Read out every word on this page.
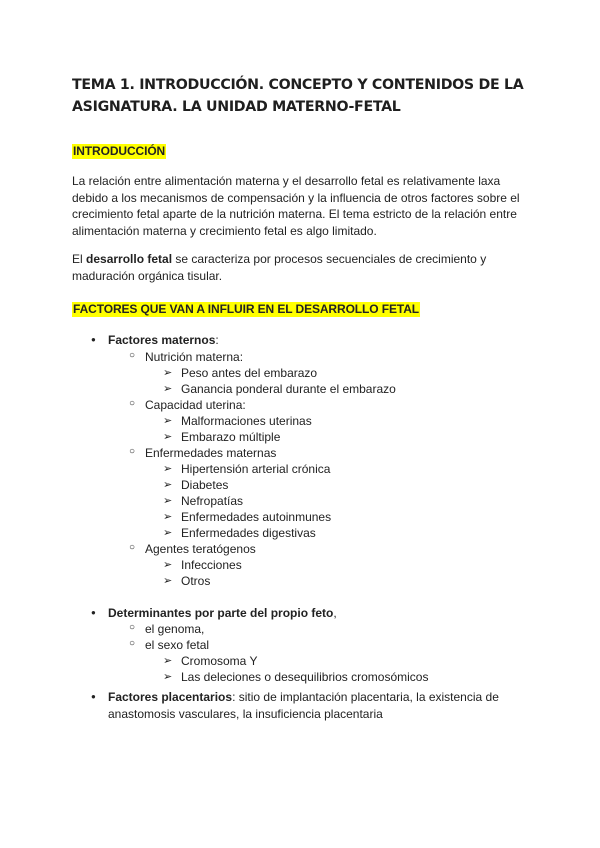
TEMA 1. INTRODUCCIÓN. CONCEPTO Y CONTENIDOS DE LA
ASIGNATURA. LA UNIDAD MATERNO-FETAL
INTRODUCCIÓN

La relación entre alimentación materna y el desarrollo fetal es relativamente laxa debido a los mecanismos de compensación y la influencia de otros factores sobre el crecimiento fetal aparte de la nutrición materna. El tema estricto de la relación entre alimentación materna y crecimiento fetal es algo limitado.

El desarrollo fetal se caracteriza por procesos secuenciales de crecimiento y maduración orgánica tisular.

FACTORES QUE VAN A INFLUIR EN EL DESARROLLO FETAL
●	Factores maternos:
○ Nutrición materna:
➢ Peso antes del embarazo
➢ Ganancia ponderal durante el embarazo
○ Capacidad uterina:
➢ Malformaciones uterinas
➢ Embarazo múltiple
○ Enfermedades maternas
➢ Hipertensión arterial crónica
➢ Diabetes
➢ Nefropatías
➢ Enfermedades autoinmunes
➢ Enfermedades digestivas
○ Agentes teratógenos
➢ Infecciones
➢ Otros
●	Determinantes por parte del propio feto,
○ el genoma,
○ el sexo fetal
➢ Cromosoma Y
➢ Las deleciones o desequilibrios cromosómicos
●	Factores placentarios: sitio de implantación placentaria, la existencia de anastomosis vasculares, la insuficiencia placentaria
